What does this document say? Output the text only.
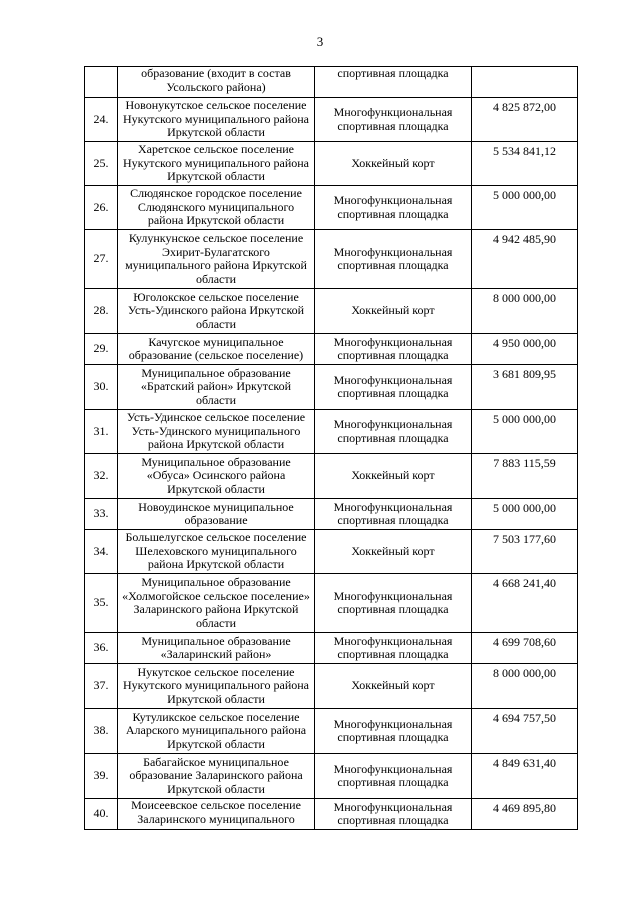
3
	образование (входит в состав Усольского района)	спортивная площадка	
24.	Новонукутское сельское поселение Нукутского муниципального района Иркутской области	Многофункциональная спортивная площадка	4 825 872,00
25.	Харетское сельское поселение Нукутского муниципального района Иркутской области	Хоккейный корт	5 534 841,12
26.	Слюдянское городское поселение Слюдянского муниципального района Иркутской области	Многофункциональная спортивная площадка	5 000 000,00
27.	Кулункунское сельское поселение Эхирит-Булагатского муниципального района Иркутской области	Многофункциональная спортивная площадка	4 942 485,90
28.	Юголокское сельское поселение Усть-Удинского района Иркутской области	Хоккейный корт	8 000 000,00
29.	Качугское муниципальное образование (сельское поселение)	Многофункциональная спортивная площадка	4 950 000,00
30.	Муниципальное образование «Братский район» Иркутской области	Многофункциональная спортивная площадка	3 681 809,95
31.	Усть-Удинское сельское поселение Усть-Удинского муниципального района Иркутской области	Многофункциональная спортивная площадка	5 000 000,00
32.	Муниципальное образование «Обуса» Осинского района Иркутской области	Хоккейный корт	7 883 115,59
33.	Новоудинское муниципальное образование	Многофункциональная спортивная площадка	5 000 000,00
34.	Большелугское сельское поселение Шелеховского муниципального района Иркутской области	Хоккейный корт	7 503 177,60
35.	Муниципальное образование «Холмогойское сельское поселение» Заларинского района Иркутской области	Многофункциональная спортивная площадка	4 668 241,40
36.	Муниципальное образование «Заларинский район»	Многофункциональная спортивная площадка	4 699 708,60
37.	Нукутское сельское поселение Нукутского муниципального района Иркутской области	Хоккейный корт	8 000 000,00
38.	Кутуликское сельское поселение Аларского муниципального района Иркутской области	Многофункциональная спортивная площадка	4 694 757,50
39.	Бабагайское муниципальное образование Заларинского района Иркутской области	Многофункциональная спортивная площадка	4 849 631,40
40.	Моисеевское сельское поселение Заларинского муниципального	Многофункциональная спортивная площадка	4 469 895,80
